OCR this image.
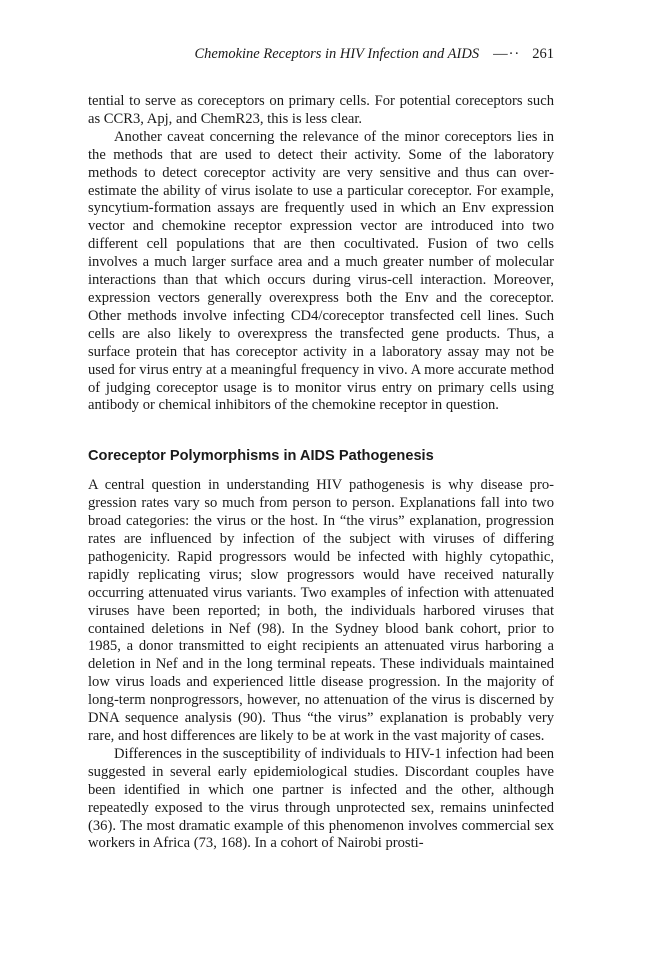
Chemokine Receptors in HIV Infection and AIDS —·· 261

tential to serve as coreceptors on primary cells. For potential coreceptors such as CCR3, Apj, and ChemR23, this is less clear.

Another caveat concerning the relevance of the minor coreceptors lies in the methods that are used to detect their activity. Some of the laboratory methods to detect coreceptor activity are very sensitive and thus can overestimate the ability of virus isolate to use a particular coreceptor. For example, syncytium-formation assays are frequently used in which an Env expression vector and chemokine receptor expression vector are introduced into two different cell populations that are then cocultivated. Fusion of two cells involves a much larger surface area and a much greater number of molecular interactions than that which occurs during virus-cell interaction. Moreover, expression vectors generally overexpress both the Env and the coreceptor. Other methods involve infecting CD4/coreceptor transfected cell lines. Such cells are also likely to overexpress the transfected gene products. Thus, a surface protein that has coreceptor activity in a laboratory assay may not be used for virus entry at a meaningful frequency in vivo. A more accurate method of judging coreceptor usage is to monitor virus entry on primary cells using antibody or chemical inhibitors of the chemokine receptor in question.

Coreceptor Polymorphisms in AIDS Pathogenesis

A central question in understanding HIV pathogenesis is why disease progression rates vary so much from person to person. Explanations fall into two broad categories: the virus or the host. In “the virus” explanation, progression rates are influenced by infection of the subject with viruses of differing pathogenicity. Rapid progressors would be infected with highly cytopathic, rapidly replicating virus; slow progressors would have received naturally occurring attenuated virus variants. Two examples of infection with attenuated viruses have been reported; in both, the individuals harbored viruses that contained deletions in Nef (98). In the Sydney blood bank cohort, prior to 1985, a donor transmitted to eight recipients an attenuated virus harboring a deletion in Nef and in the long terminal repeats. These individuals maintained low virus loads and experienced little disease progression. In the majority of long-term nonprogressors, however, no attenuation of the virus is discerned by DNA sequence analysis (90). Thus “the virus” explanation is probably very rare, and host differences are likely to be at work in the vast majority of cases.

Differences in the susceptibility of individuals to HIV-1 infection had been suggested in several early epidemiological studies. Discordant couples have been identified in which one partner is infected and the other, although repeatedly exposed to the virus through unprotected sex, remains uninfected (36). The most dramatic example of this phenomenon involves commercial sex workers in Africa (73, 168). In a cohort of Nairobi prosti-
